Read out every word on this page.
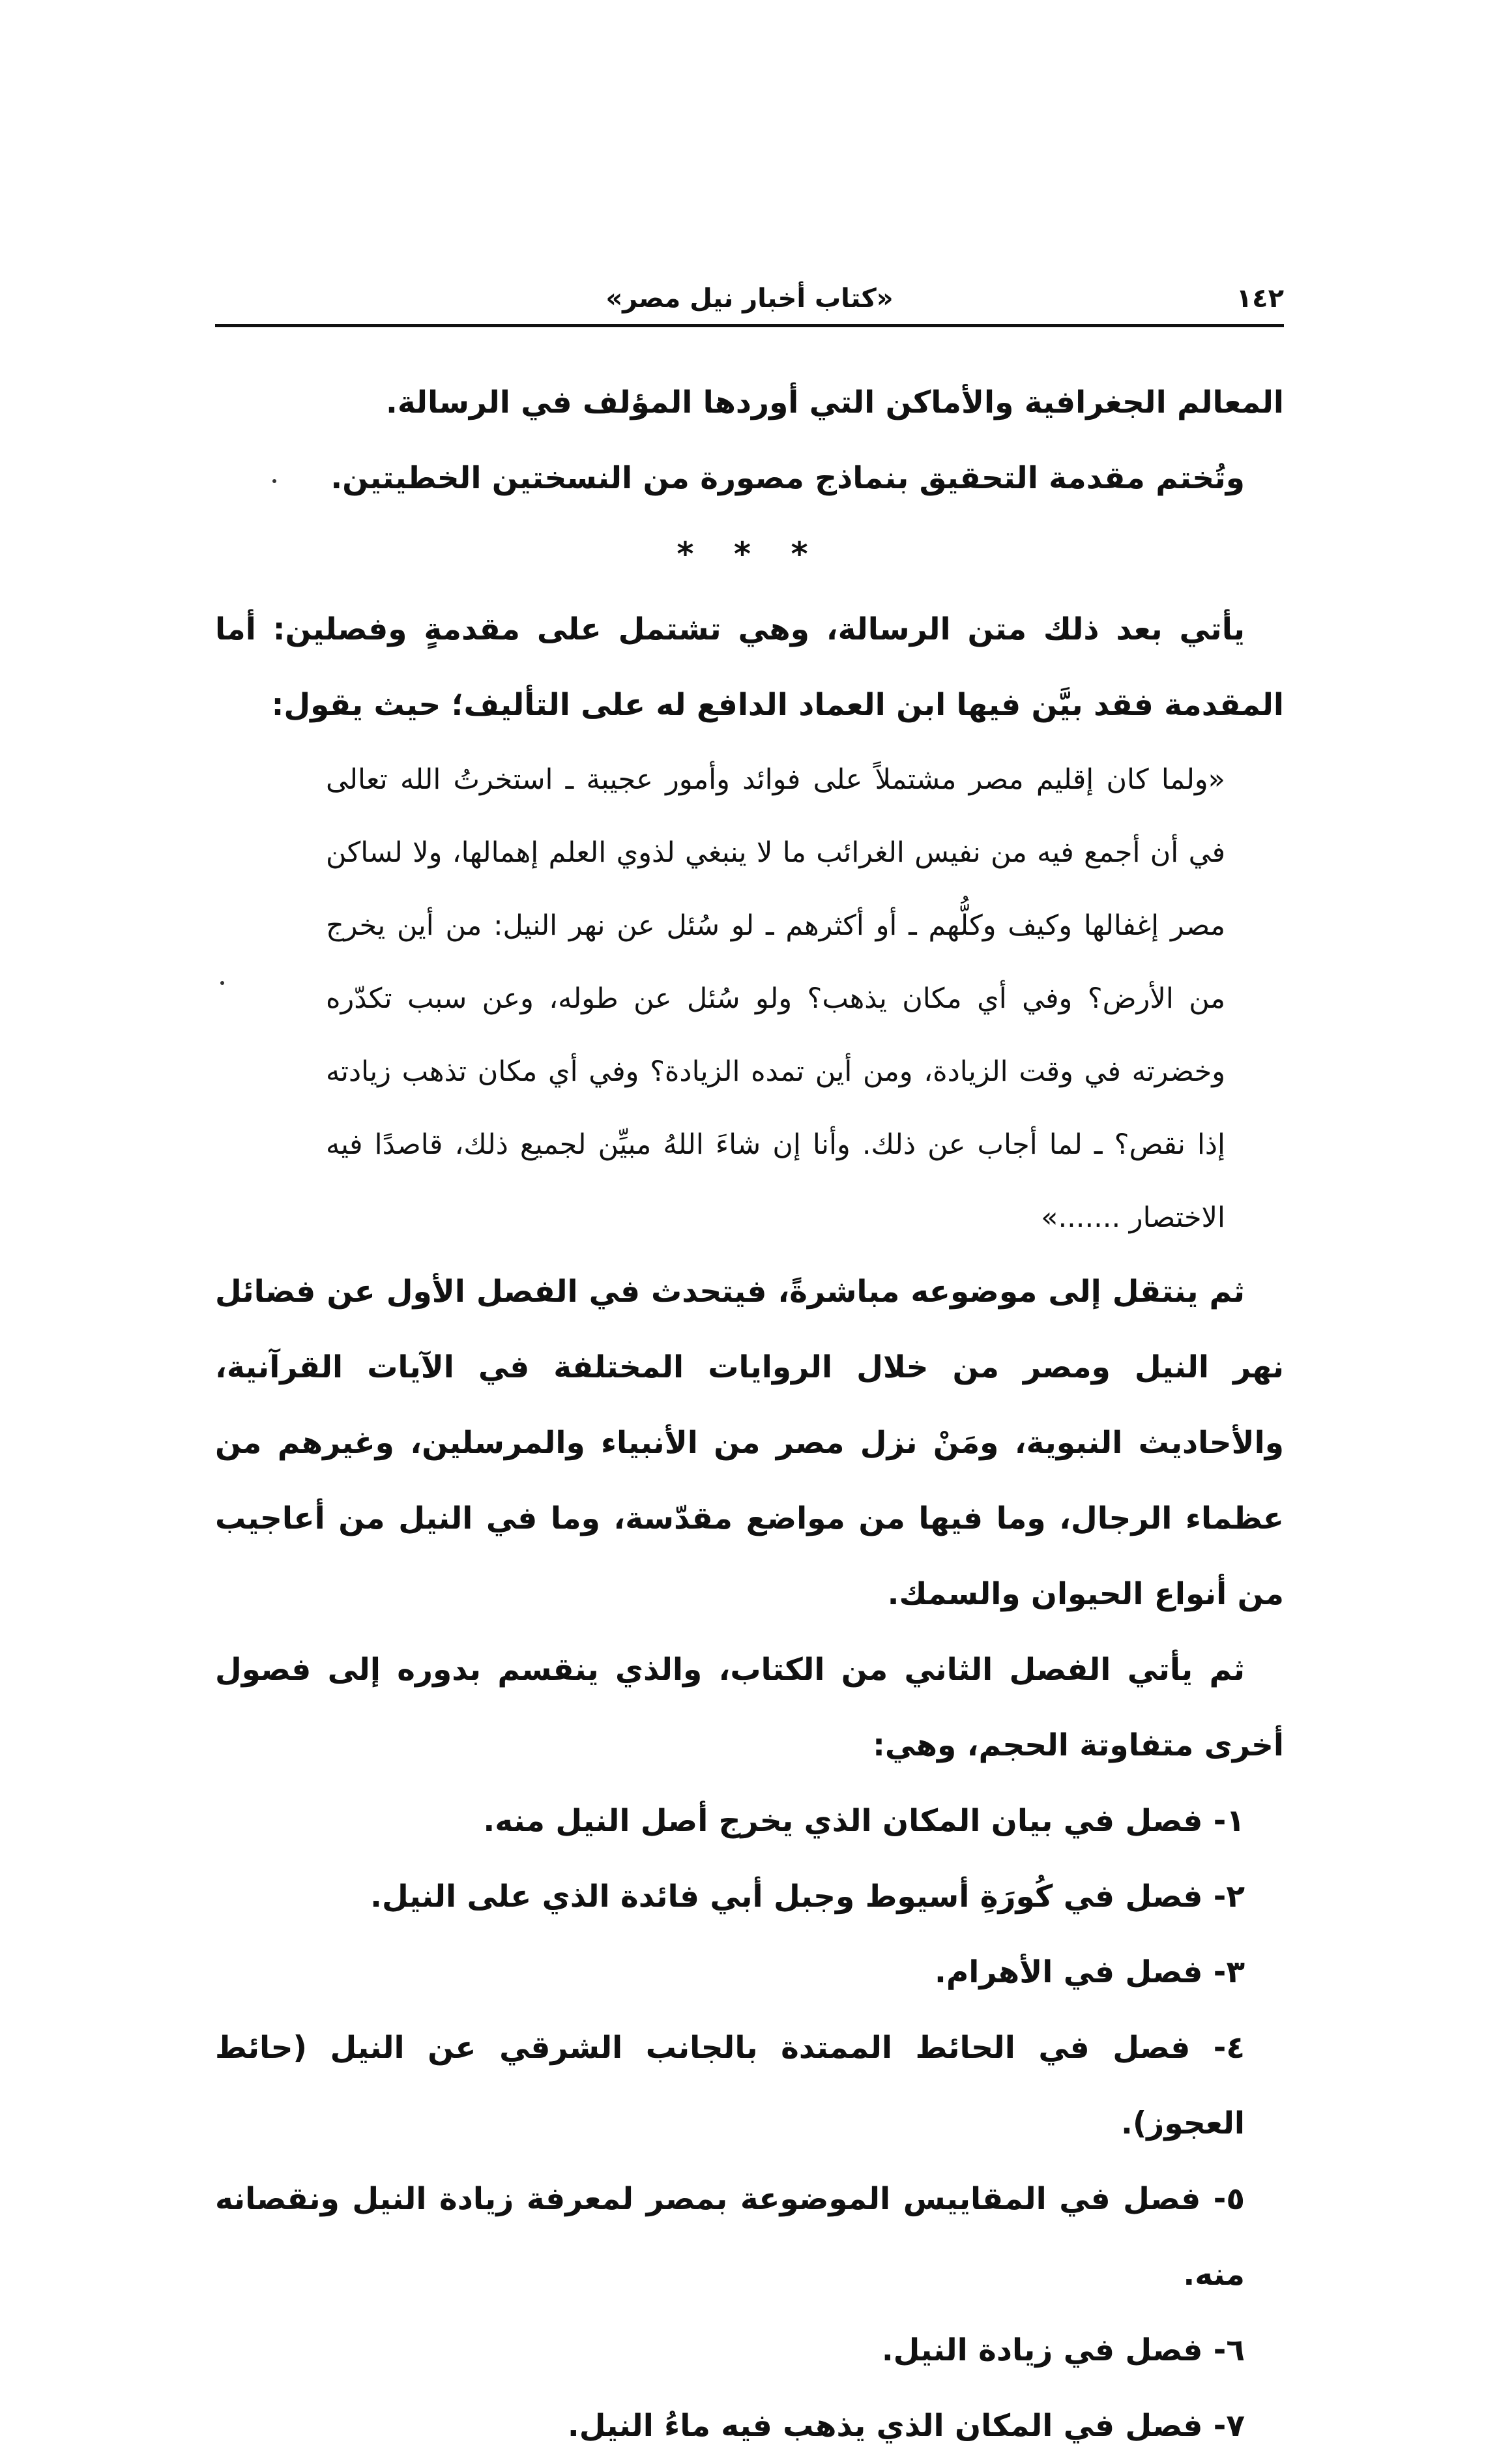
١٤٢
«كتاب أخبار نيل مصر»

المعالم الجغرافية والأماكن التي أوردها المؤلف في الرسالة.

وتُختم مقدمة التحقيق بنماذج مصورة من النسختين الخطيتين.

* * *

يأتي بعد ذلك متن الرسالة، وهي تشتمل على مقدمةٍ وفصلين: أما المقدمة فقد بيَّن فيها ابن العماد الدافع له على التأليف؛ حيث يقول:

«ولما كان إقليم مصر مشتملاً على فوائد وأمور عجيبة ـ استخرتُ الله تعالى في أن أجمع فيه من نفيس الغرائب ما لا ينبغي لذوي العلم إهمالها، ولا لساكن مصر إغفالها وكيف وكلُّهم ـ أو أكثرهم ـ لو سُئل عن نهر النيل: من أين يخرج من الأرض؟ وفي أي مكان يذهب؟ ولو سُئل عن طوله، وعن سبب تكدّره وخضرته في وقت الزيادة، ومن أين تمده الزيادة؟ وفي أي مكان تذهب زيادته إذا نقص؟ ـ لما أجاب عن ذلك. وأنا إن شاءَ اللهُ مبيِّن لجميع ذلك، قاصدًا فيه الاختصار .......»

ثم ينتقل إلى موضوعه مباشرةً، فيتحدث في الفصل الأول عن فضائل نهر النيل ومصر من خلال الروايات المختلفة في الآيات القرآنية، والأحاديث النبوية، ومَنْ نزل مصر من الأنبياء والمرسلين، وغيرهم من عظماء الرجال، وما فيها من مواضع مقدّسة، وما في النيل من أعاجيب من أنواع الحيوان والسمك.

ثم يأتي الفصل الثاني من الكتاب، والذي ينقسم بدوره إلى فصول أخرى متفاوتة الحجم، وهي:

١- فصل في بيان المكان الذي يخرج أصل النيل منه.
٢- فصل في كُورَةِ أسيوط وجبل أبي فائدة الذي على النيل.
٣- فصل في الأهرام.
٤- فصل في الحائط الممتدة بالجانب الشرقي عن النيل (حائط العجوز).
٥- فصل في المقاييس الموضوعة بمصر لمعرفة زيادة النيل ونقصانه منه.
٦- فصل في زيادة النيل.
٧- فصل في المكان الذي يذهب فيه ماءُ النيل.
